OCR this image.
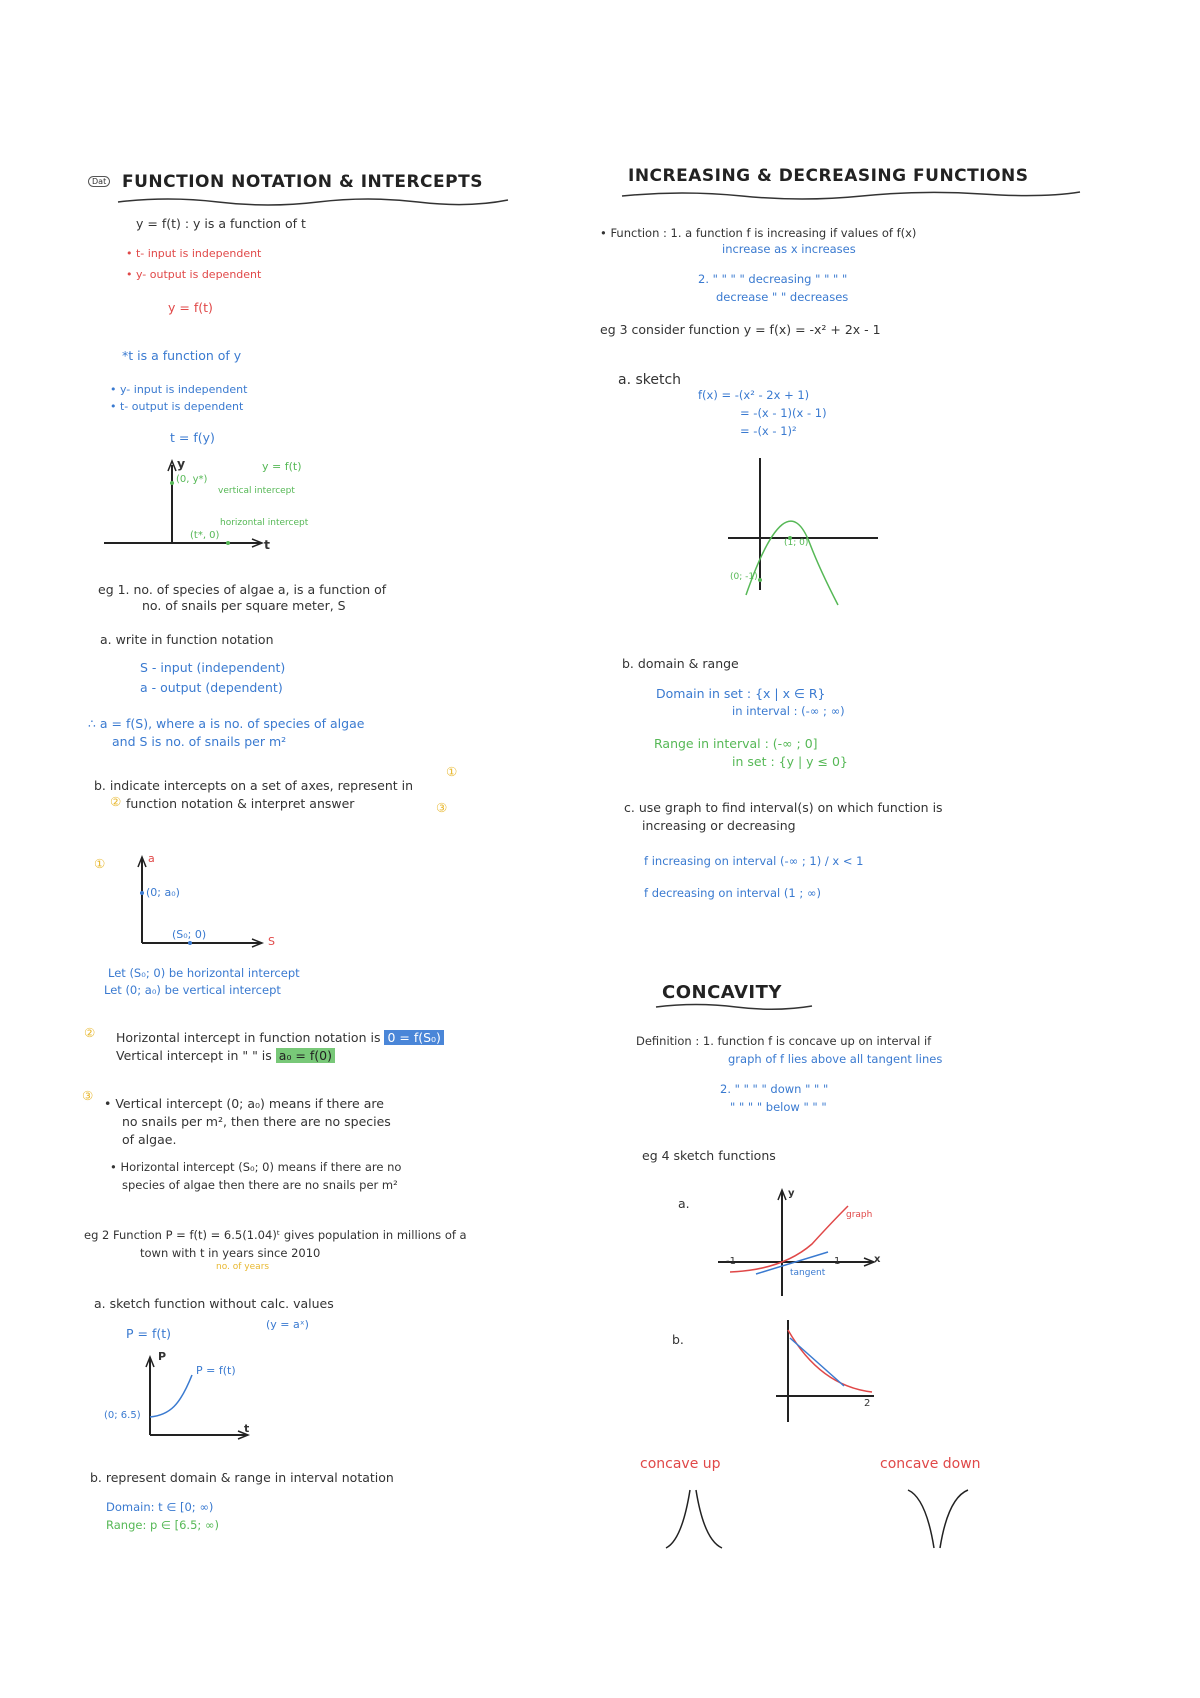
Dat FUNCTION NOTATION & INTERCEPTS
y = f(t) : y is a function of t
• t- input is independent
• y- output is dependent
y = f(t)
*t is a function of y
• y- input is independent
• t- output is dependent
t = f(y)
y
t
y = f(t)
(0, y*)
vertical intercept
(t*, 0)
horizontal intercept
eg 1. no. of species of algae a, is a function of
no. of snails per square meter, S
a. write in function notation
S - input (independent)
a - output (dependent)
∴ a = f(S), where a is no. of species of algae
and S is no. of snails per m²
b. indicate intercepts on a set of axes, represent in
①
② function notation & interpret answer	③
①	a
S
(0; a₀)
(S₀; 0)
Let (S₀; 0) be horizontal intercept
Let (0; a₀) be vertical intercept
② Horizontal intercept in function notation is 0 = f(S₀)
Vertical intercept in " " is a₀ = f(0)
③
• Vertical intercept (0; a₀) means if there are
no snails per m², then there are no species
of algae.
• Horizontal intercept (S₀; 0) means if there are no
species of algae then there are no snails per m²
eg 2 Function P = f(t) = 6.5(1.04)ᵗ gives population in millions of a
town with t in years since 2010
no. of years
a. sketch function without calc. values
P = f(t)
(y = aˣ)
P
t
P = f(t)
(0; 6.5)
b. represent domain & range in interval notation
Domain: t ∈ [0; ∞)
Range: p ∈ [6.5; ∞)
INCREASING & DECREASING FUNCTIONS
• Function : 1. a function f is increasing if values of f(x)
increase as x increases
2. " " " " decreasing " " " "
decrease " " decreases
eg 3 consider function y = f(x) = -x² + 2x - 1
a. sketch
f(x) = -(x² - 2x + 1)
= -(x - 1)(x - 1)
= -(x - 1)²
(1; 0)
(0; -1)
b. domain & range
Domain in set : {x | x ∈ R}
in interval : (-∞ ; ∞)
Range in interval : (-∞ ; 0]
in set : {y | y ≤ 0}
c. use graph to find interval(s) on which function is
increasing or decreasing
f increasing on interval (-∞ ; 1) / x < 1
f decreasing on interval (1 ; ∞)
CONCAVITY
Definition : 1. function f is concave up on interval if
graph of f lies above all tangent lines
2. " " " " down " " "
" " " " below " " "
eg 4 sketch functions
a.
b.
y
x
-1	1
graph
tangent
2
concave up	concave down
